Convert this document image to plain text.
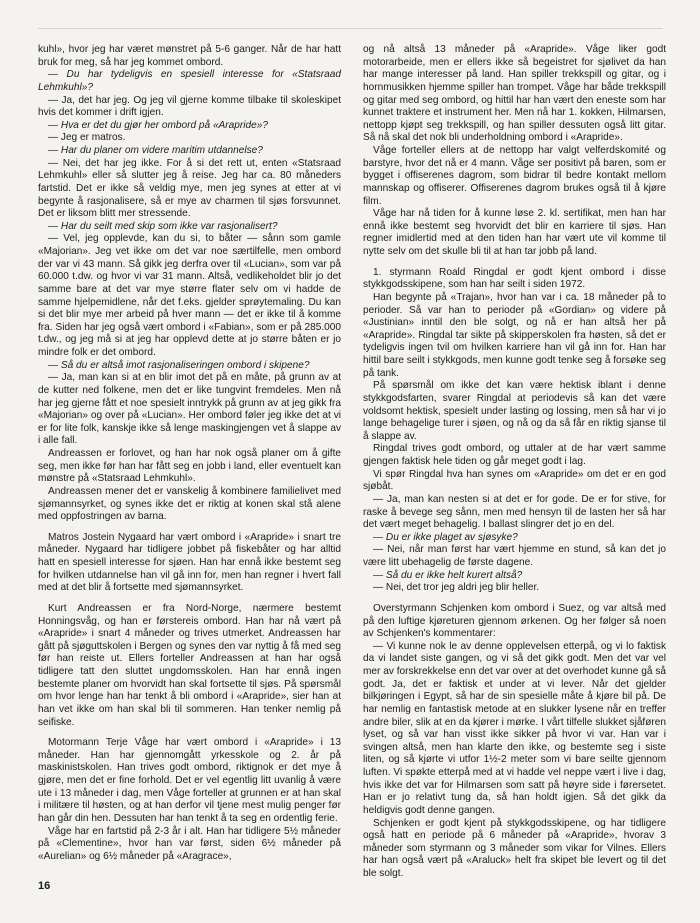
kuhl», hvor jeg har været mønstret på 5-6 ganger. Når de har hatt bruk for meg, så har jeg kommet ombord.

— Du har tydeligvis en spesiell interesse for «Statsraad Lehmkuhl»?

— Ja, det har jeg. Og jeg vil gjerne komme tilbake til skoleskipet hvis det kommer i drift igjen.

— Hva er det du gjør her ombord på «Arapride»?

— Jeg er matros.

— Har du planer om videre maritim utdannelse?

— Nei, det har jeg ikke. For å si det rett ut, enten «Statsraad Lehmkuhl» eller så slutter jeg å reise. Jeg har ca. 80 måneders fartstid. Det er ikke så veldig mye, men jeg synes at etter at vi begynte å rasjonalisere, så er mye av charmen til sjøs forsvunnet. Det er liksom blitt mer stressende.

— Har du seilt med skip som ikke var rasjonalisert?

— Vel, jeg opplevde, kan du si, to båter — sånn som gamle «Majorian». Jeg vet ikke om det var noe særtilfelle, men ombord der var vi 43 mann. Så gikk jeg derfra over til «Lucian», som var på 60.000 t.dw. og hvor vi var 31 mann. Altså, vedlikeholdet blir jo det samme bare at det var mye større flater selv om vi hadde de samme hjelpemidlene, når det f.eks. gjelder sprøytemaling. Du kan si det blir mye mer arbeid på hver mann — det er ikke til å komme fra. Siden har jeg også vært ombord i «Fabian», som er på 285.000 t.dw., og jeg må si at jeg har opplevd dette at jo større båten er jo mindre folk er det ombord.

— Så du er altså imot rasjonaliseringen ombord i skipene?

— Ja, man kan si at en blir imot det på en måte, på grunn av at de kutter ned folkene, men det er like tungvint fremdeles. Men nå har jeg gjerne fått et noe spesielt inntrykk på grunn av at jeg gikk fra «Majorian» og over på «Lucian». Her ombord føler jeg ikke det at vi er for lite folk, kanskje ikke så lenge maskingjengen vet å slappe av i alle fall.

Andreassen er forlovet, og han har nok også planer om å gifte seg, men ikke før han har fått seg en jobb i land, eller eventuelt kan mønstre på «Statsraad Lehmkuhl».

Andreassen mener det er vanskelig å kombinere familielivet med sjømannsyrket, og synes ikke det er riktig at konen skal stå alene med oppfostringen av barna.

Matros Jostein Nygaard har vært ombord i «Arapride» i snart tre måneder. Nygaard har tidligere jobbet på fiskebåter og har alltid hatt en spesiell interesse for sjøen. Han har ennå ikke bestemt seg for hvilken utdannelse han vil gå inn for, men han regner i hvert fall med at det blir å fortsette med sjømannsyrket.

Kurt Andreassen er fra Nord-Norge, nærmere bestemt Honningsvåg, og han er førstereis ombord. Han har nå vært på «Arapride» i snart 4 måneder og trives utmerket. Andreassen har gått på sjøguttskolen i Bergen og synes den var nyttig å få med seg før han reiste ut. Ellers forteller Andreassen at han har også tidligere tatt den sluttet ungdomsskolen. Han har ennå ingen bestemte planer om hvorvidt han skal fortsette til sjøs. På spørsmål om hvor lenge han har tenkt å bli ombord i «Arapride», sier han at han vet ikke om han skal bli til sommeren. Han tenker nemlig på seifiske.

Motormann Terje Våge har vært ombord i «Arapride» i 13 måneder. Han har gjennomgått yrkesskole og 2. år på maskinistskolen. Han trives godt ombord, riktignok er det mye å gjøre, men det er fine forhold. Det er vel egentlig litt uvanlig å være ute i 13 måneder i dag, men Våge forteller at grunnen er at han skal i militære til høsten, og at han derfor vil tjene mest mulig penger før han går din hen. Dessuten har han tenkt å ta seg en ordentlig ferie.

Våge har en fartstid på 2-3 år i alt. Han har tidligere 5½ måneder på «Clementine», hvor han var først, siden 6½ måneder på «Aurelian» og 6½ måneder på «Aragrace»,

og nå altså 13 måneder på «Arapride». Våge liker godt motorarbeide, men er ellers ikke så begeistret for sjølivet da han har mange interesser på land. Han spiller trekkspill og gitar, og i hornmusikken hjemme spiller han trompet. Våge har både trekkspill og gitar med seg ombord, og hittil har han vært den eneste som har kunnet traktere et instrument her. Men nå har 1. kokken, Hilmarsen, nettopp kjøpt seg trekkspill, og han spiller dessuten også litt gitar. Så nå skal det nok bli underholdning ombord i «Arapride».

Våge forteller ellers at de nettopp har valgt velferdskomité og barstyre, hvor det nå er 4 mann. Våge ser positivt på baren, som er bygget i offiserenes dagrom, som bidrar til bedre kontakt mellom mannskap og offiserer. Offiserenes dagrom brukes også til å kjøre film.

Våge har nå tiden for å kunne løse 2. kl. sertifikat, men han har ennå ikke bestemt seg hvorvidt det blir en karriere til sjøs. Han regner imidlertid med at den tiden han har vært ute vil komme til nytte selv om det skulle bli til at han tar jobb på land.

1. styrmann Roald Ringdal er godt kjent ombord i disse stykkgodsskipene, som han har seilt i siden 1972.

Han begynte på «Trajan», hvor han var i ca. 18 måneder på to perioder. Så var han to perioder på «Gordian» og videre på «Justinian» inntil den ble solgt, og nå er han altså her på «Arapride». Ringdal tar sikte på skipperskolen fra høsten, så det er tydeligvis ingen tvil om hvilken karriere han vil gå inn for. Han har hittil bare seilt i stykkgods, men kunne godt tenke seg å forsøke seg på tank.

På spørsmål om ikke det kan være hektisk iblant i denne stykkgodsfarten, svarer Ringdal at periodevis så kan det være voldsomt hektisk, spesielt under lasting og lossing, men så har vi jo lange behagelige turer i sjøen, og nå og da så får en riktig sjanse til å slappe av.

Ringdal trives godt ombord, og uttaler at de har vært samme gjengen faktisk hele tiden og går meget godt i lag.

Vi spør Ringdal hva han synes om «Arapride» om det er en god sjøbåt.

— Ja, man kan nesten si at det er for gode. De er for stive, for raske å bevege seg sånn, men med hensyn til de lasten her så har det vært meget behagelig. I ballast slingrer det jo en del.

— Du er ikke plaget av sjøsyke?

— Nei, når man først har vært hjemme en stund, så kan det jo være litt ubehagelig de første dagene.

— Så du er ikke helt kurert altså?

— Nei, det tror jeg aldri jeg blir heller.

Overstyrmann Schjenken kom ombord i Suez, og var altså med på den luftige kjøreturen gjennom ørkenen. Og her følger så noen av Schjenken's kommentarer:

— Vi kunne nok le av denne opplevelsen etterpå, og vi lo faktisk da vi landet siste gangen, og vi så det gikk godt. Men det var vel mer av forskrekkelse enn det var over at det overhodet kunne gå så godt. Ja, det er faktisk et under at vi lever. Når det gjelder bilkjøringen i Egypt, så har de sin spesielle måte å kjøre bil på. De har nemlig en fantastisk metode at en slukker lysene når en treffer andre biler, slik at en da kjører i mørke. I vårt tilfelle slukket sjåføren lyset, og så var han visst ikke sikker på hvor vi var. Han var i svingen altså, men han klarte den ikke, og bestemte seg i siste liten, og så kjørte vi utfor 1½-2 meter som vi bare seilte gjennom luften. Vi spøkte etterpå med at vi hadde vel neppe vært i live i dag, hvis ikke det var for Hilmarsen som satt på høyre side i førersetet. Han er jo relativt tung da, så han holdt igjen. Så det gikk da heldigvis godt denne gangen.

Schjenken er godt kjent på stykkgodsskipene, og har tidligere også hatt en periode på 6 måneder på «Arapride», hvorav 3 måneder som styrmann og 3 måneder som vikar for Vilnes. Ellers har han også vært på «Araluck» helt fra skipet ble levert og til det ble solgt.

16
